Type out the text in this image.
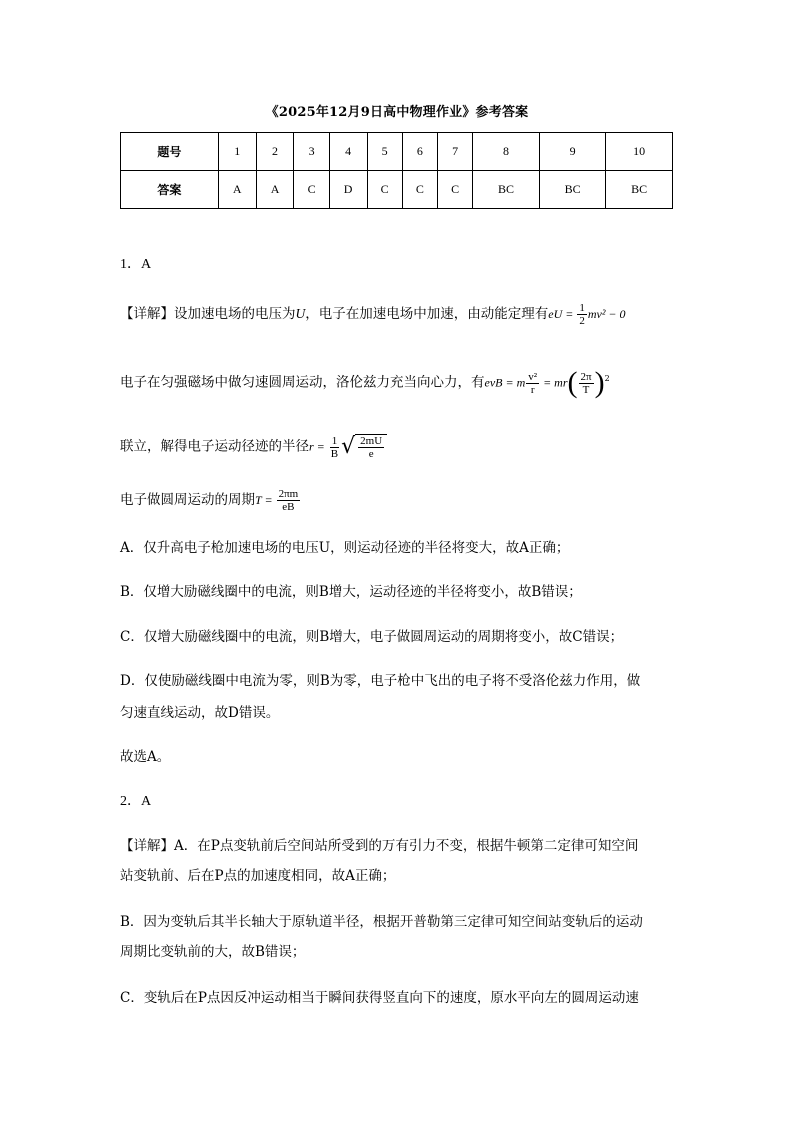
《2025年12月9日高中物理作业》参考答案
题号	1	2	3	4	5	6	7	8	9	10
答案	A	A	C	D	C	C	C	BC	BC	BC
1．A
【详解】设加速电场的电压为U，电子在加速电场中加速，由动能定理有eU = $\frac{1}{2} mv^2 - 0$
电子在匀强磁场中做匀速圆周运动，洛伦兹力充当向心力，有evB = m $\frac{\text{v²}}{r} = mr( \frac{2\pi}{T} )^2$
联立，解得电子运动径迹的半径$r = \frac{1}{B}$ √ $\frac{2mU}{e}$
电子做圆周运动的周期$T = \frac{2\pi m}{eB}$
A．仅升高电子枪加速电场的电压U，则运动径迹的半径将变大，故A正确；
B．仅增大励磁线圈中的电流，则B增大，运动径迹的半径将变小，故B错误；
C．仅增大励磁线圈中的电流，则B增大，电子做圆周运动的周期将变小，故C错误；
D．仅使励磁线圈中电流为零，则B为零，电子枪中飞出的电子将不受洛伦兹力作用，做
匀速直线运动，故D错误。
故选A。
2．A
【详解】A．在P点变轨前后空间站所受到的万有引力不变，根据牛顿第二定律可知空间
站变轨前、后在P点的加速度相同，故A正确；
B．因为变轨后其半长轴大于原轨道半径，根据开普勒第三定律可知空间站变轨后的运动
周期比变轨前的大，故B错误；
C．变轨后在P点因反冲运动相当于瞬间获得竖直向下的速度，原水平向左的圆周运动速
